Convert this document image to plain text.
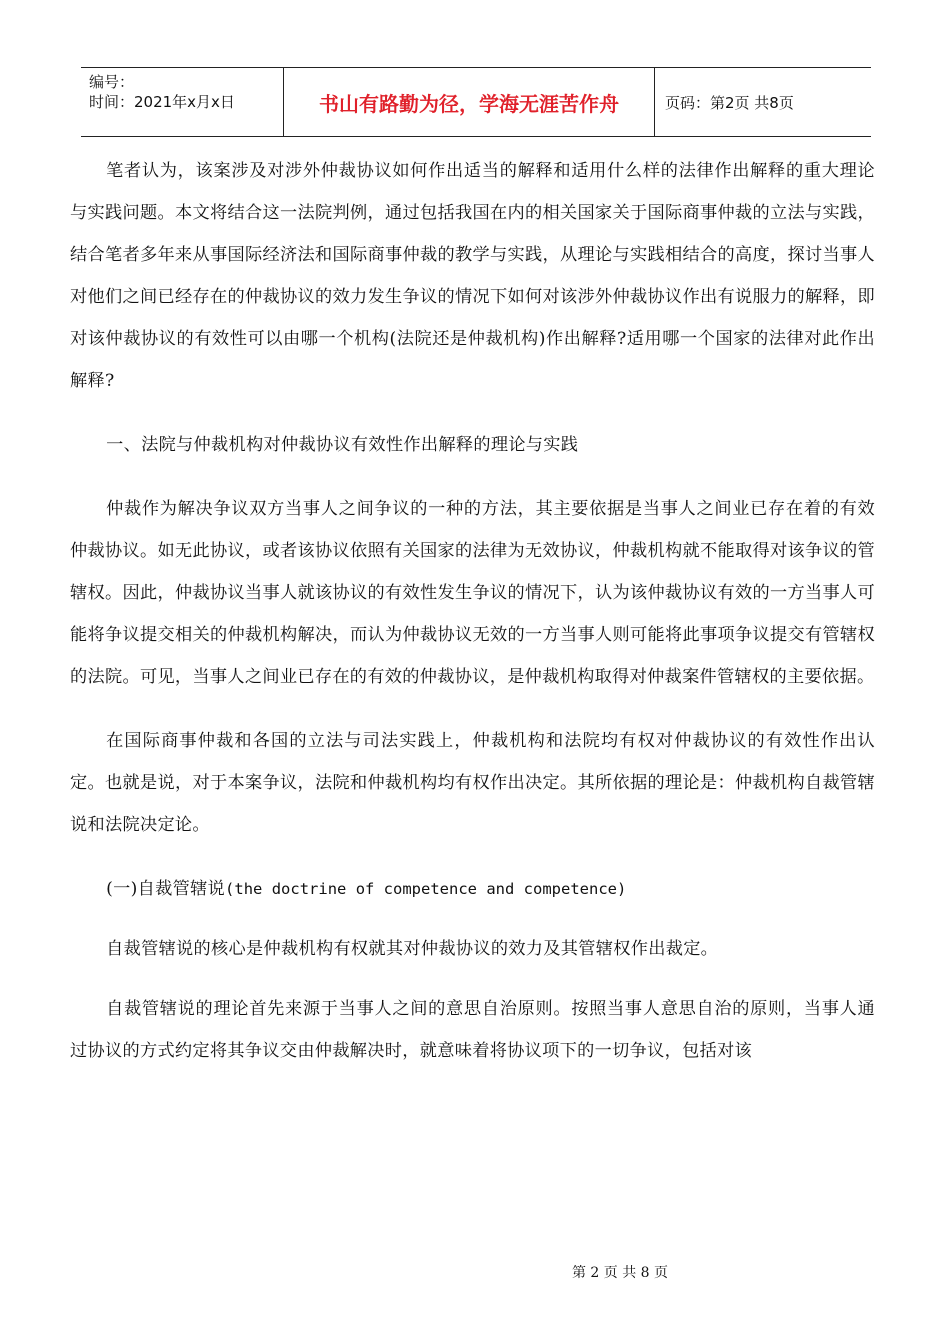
编号：
时间：2021年x月x日	书山有路勤为径，学海无涯苦作舟	页码：第2页 共8页

笔者认为，该案涉及对涉外仲裁协议如何作出适当的解释和适用什么样的法律作出解释的重大理论与实践问题。本文将结合这一法院判例，通过包括我国在内的相关国家关于国际商事仲裁的立法与实践，结合笔者多年来从事国际经济法和国际商事仲裁的教学与实践，从理论与实践相结合的高度，探讨当事人对他们之间已经存在的仲裁协议的效力发生争议的情况下如何对该涉外仲裁协议作出有说服力的解释，即对该仲裁协议的有效性可以由哪一个机构(法院还是仲裁机构)作出解释?适用哪一个国家的法律对此作出解释?

一、法院与仲裁机构对仲裁协议有效性作出解释的理论与实践

仲裁作为解决争议双方当事人之间争议的一种的方法，其主要依据是当事人之间业已存在着的有效仲裁协议。如无此协议，或者该协议依照有关国家的法律为无效协议，仲裁机构就不能取得对该争议的管辖权。因此，仲裁协议当事人就该协议的有效性发生争议的情况下，认为该仲裁协议有效的一方当事人可能将争议提交相关的仲裁机构解决，而认为仲裁协议无效的一方当事人则可能将此事项争议提交有管辖权的法院。可见，当事人之间业已存在的有效的仲裁协议，是仲裁机构取得对仲裁案件管辖权的主要依据。

在国际商事仲裁和各国的立法与司法实践上，仲裁机构和法院均有权对仲裁协议的有效性作出认定。也就是说，对于本案争议，法院和仲裁机构均有权作出决定。其所依据的理论是：仲裁机构自裁管辖说和法院决定论。

(一)自裁管辖说(the doctrine of competence and competence)

自裁管辖说的核心是仲裁机构有权就其对仲裁协议的效力及其管辖权作出裁定。

自裁管辖说的理论首先来源于当事人之间的意思自治原则。按照当事人意思自治的原则，当事人通过协议的方式约定将其争议交由仲裁解决时，就意味着将协议项下的一切争议，包括对该

第 2 页 共 8 页
